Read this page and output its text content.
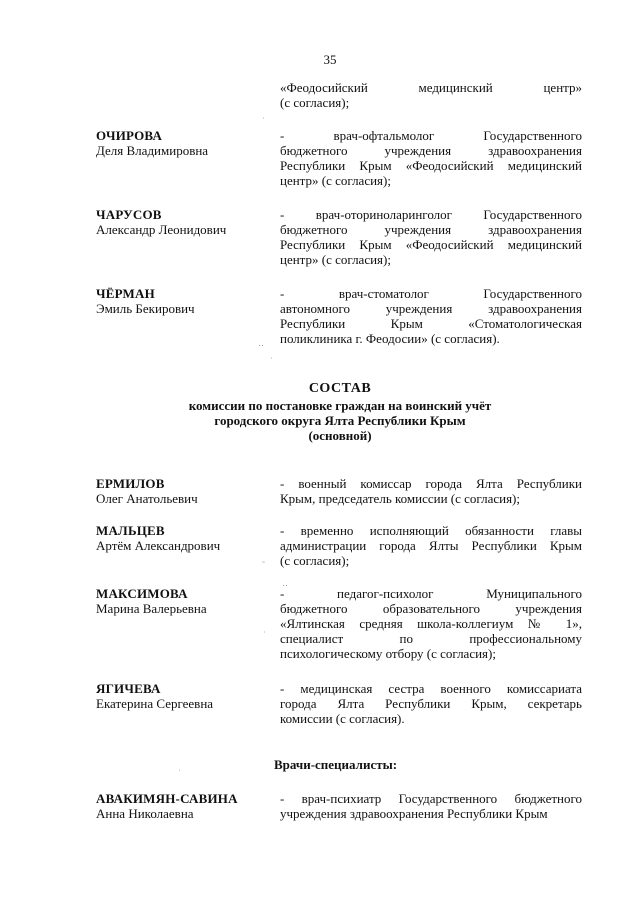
35
«Феодосийский медицинский центр»
(с согласия);
ОЧИРОВА
Деля Владимировна
- врач-офтальмолог Государственного
бюджетного учреждения здравоохранения
Республики Крым «Феодосийский медицинский
центр» (с согласия);
ЧАРУСОВ
Александр Леонидович
- врач-оториноларинголог Государственного
бюджетного учреждения здравоохранения
Республики Крым «Феодосийский медицинский
центр» (с согласия);
ЧЁРМАН
Эмиль Бекирович
- врач-стоматолог Государственного
автономного учреждения здравоохранения
Республики Крым «Стоматологическая
поликлиника г. Феодосии» (с согласия).
СОСТАВ
комиссии по постановке граждан на воинский учёт
городского округа Ялта Республики Крым
(основной)
ЕРМИЛОВ
Олег Анатольевич
- военный комиссар города Ялта Республики
Крым, председатель комиссии (с согласия);
МАЛЬЦЕВ
Артём Александрович
- временно исполняющий обязанности главы
администрации города Ялты Республики Крым
(с согласия);
МАКСИМОВА
Марина Валерьевна
- педагог-психолог Муниципального
бюджетного образовательного учреждения
«Ялтинская средняя школа-коллегиум № 1»,
специалист по профессиональному
психологическому отбору (с согласия);
ЯГИЧЕВА
Екатерина Сергеевна
- медицинская сестра военного комиссариата
города Ялта Республики Крым, секретарь
комиссии (с согласия).
Врачи-специалисты:
АВАКИМЯН-САВИНА
Анна Николаевна
- врач-психиатр Государственного бюджетного
учреждения здравоохранения Республики Крым
˙
‥
˙
˜
‥
˙
ˈ
